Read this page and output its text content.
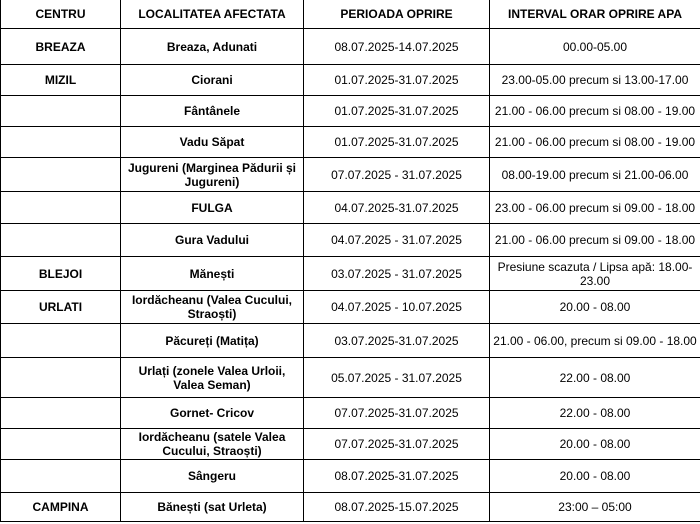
CENTRU	LOCALITATEA AFECTATA	PERIOADA OPRIRE	INTERVAL ORAR OPRIRE APA
BREAZA	Breaza, Adunati	08.07.2025-14.07.2025	00.00-05.00
MIZIL	Ciorani	01.07.2025-31.07.2025	23.00-05.00 precum si 13.00-17.00
	Fântânele	01.07.2025-31.07.2025	21.00 - 06.00 precum si 08.00 - 19.00
	Vadu Săpat	01.07.2025-31.07.2025	21.00 - 06.00 precum si 08.00 - 19.00
	Jugureni (Marginea Pădurii și Jugureni)	07.07.2025 - 31.07.2025	08.00-19.00 precum si 21.00-06.00
	FULGA	04.07.2025-31.07.2025	23.00 - 06.00 precum si 09.00 - 18.00
	Gura Vadului	04.07.2025 - 31.07.2025	21.00 - 06.00 precum si 09.00 - 18.00
BLEJOI	Mănești	03.07.2025 - 31.07.2025	Presiune scazuta / Lipsa apă: 18.00-23.00
URLATI	Iordăcheanu (Valea Cucului, Straoști)	04.07.2025 - 10.07.2025	20.00 - 08.00
	Păcureți (Matița)	03.07.2025-31.07.2025	21.00 - 06.00, precum si 09.00 - 18.00
	Urlați (zonele Valea Urloii, Valea Seman)	05.07.2025 - 31.07.2025	22.00 - 08.00
	Gornet- Cricov	07.07.2025-31.07.2025	22.00 - 08.00
	Iordăcheanu (satele Valea Cucului, Straoști)	07.07.2025-31.07.2025	20.00 - 08.00
	Sângeru	08.07.2025-31.07.2025	20.00 - 08.00
CAMPINA	Bănești (sat Urleta)	08.07.2025-15.07.2025	23:00 – 05:00
